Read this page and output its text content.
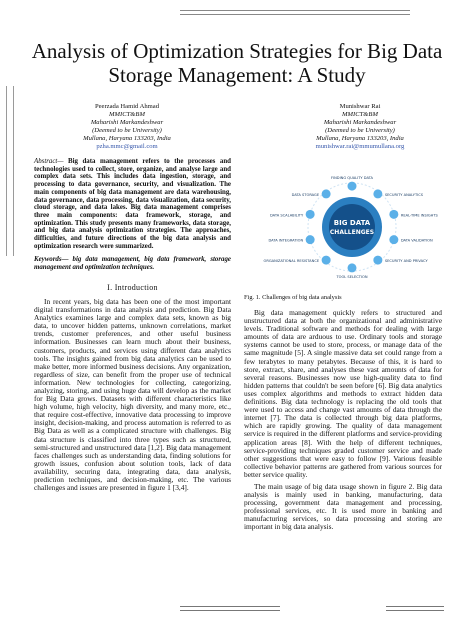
Analysis of Optimization Strategies for Big Data
Storage Management: A Study
Peerzada Hamid Ahmad
MMICT&BM
Maharishi Markandeshwar
(Deemed to be University)
Mullana, Haryana 133203, India
pzha.mmc@gmail.com
Munishwar Rai
MMICT&BM
Maharishi Markandeshwar
(Deemed to be University)
Mullana, Haryana 133203, India
munishwar.rai@mmumullana.org
Abstract— Big data management refers to the processes and technologies used to collect, store, organize, and analyse large and complex data sets. This includes data ingestion, storage, and processing to data governance, security, and visualization. The main components of big data management are data warehousing, data governance, data processing, data visualization, data security, cloud storage, and data lakes. Big data management comprises three main components: data framework, storage, and optimization. This study presents many frameworks, data storage, and big data analysis optimization strategies. The approaches, difficulties, and future directions of the big data analysis and optimization research were summarized.
Keywords— big data management, big data framework, storage management and optimization techniques.
I. Introduction

In recent years, big data has been one of the most important digital transformations in data analysis and prediction. Big Data Analytics examines large and complex data sets, known as big data, to uncover hidden patterns, unknown correlations, market trends, customer preferences, and other useful business information. Businesses can learn much about their business, customers, products, and services using different data analytics tools. The insights gained from big data analytics can be used to make better, more informed business decisions. Any organization, regardless of size, can benefit from the proper use of technical information. New technologies for collecting, categorizing, analyzing, storing, and using huge data will develop as the market for Big Data grows. Datasets with different characteristics like high volume, high velocity, high diversity, and many more, etc., that require cost-effective, innovative data processing to improve insight, decision-making, and process automation is referred to as Big Data as well as a complicated structure with challenges. Big data structure is classified into three types such as structured, semi-structured and unstructured data [1,2]. Big data management faces challenges such as understanding data, finding solutions for growth issues, confusion about solution tools, lack of data availability, securing data, integrating data, data analysis, prediction techniques, and decision-making, etc. The various challenges and issues are presented in figure 1 [3,4].

BIG DATA
CHALLENGES
FINDING QUALITY DATA
SECURITY ANALYTICS
REAL-TIME INSIGHTS
DATA VALIDATION
SECURITY AND PRIVACY
TOOL SELECTION
ORGANIZATIONAL RESISTANCE
DATA INTEGRATION
DATA SCALABILITY
DATA STORAGE
Fig. 1. Challenges of big data analysis

Big data management quickly refers to structured and unstructured data at both the organizational and administrative levels. Traditional software and methods for dealing with large amounts of data are arduous to use. Ordinary tools and storage systems cannot be used to store, process, or manage data of the same magnitude [5]. A single massive data set could range from a few terabytes to many petabytes. Because of this, it is hard to store, extract, share, and analyses these vast amounts of data for several reasons. Businesses now use high-quality data to find hidden patterns that couldn't be seen before [6]. Big data analytics uses complex algorithms and methods to extract hidden data definitions. Big data technology is replacing the old tools that were used to access and change vast amounts of data through the internet [7]. The data is collected through big data platforms, which are rapidly growing. The quality of data management service is required in the different platforms and service-providing application areas [8]. With the help of different techniques, service-providing techniques graded customer service and made other suggestions that were easy to follow [9]. Various feasible collective behavior patterns are gathered from various sources for better service quality.

The main usage of big data usage shown in figure 2. Big data analysis is mainly used in banking, manufacturing, data processing, government data management and processing, professional services, etc. It is used more in banking and manufacturing services, so data processing and storing are important in big data analysis.
